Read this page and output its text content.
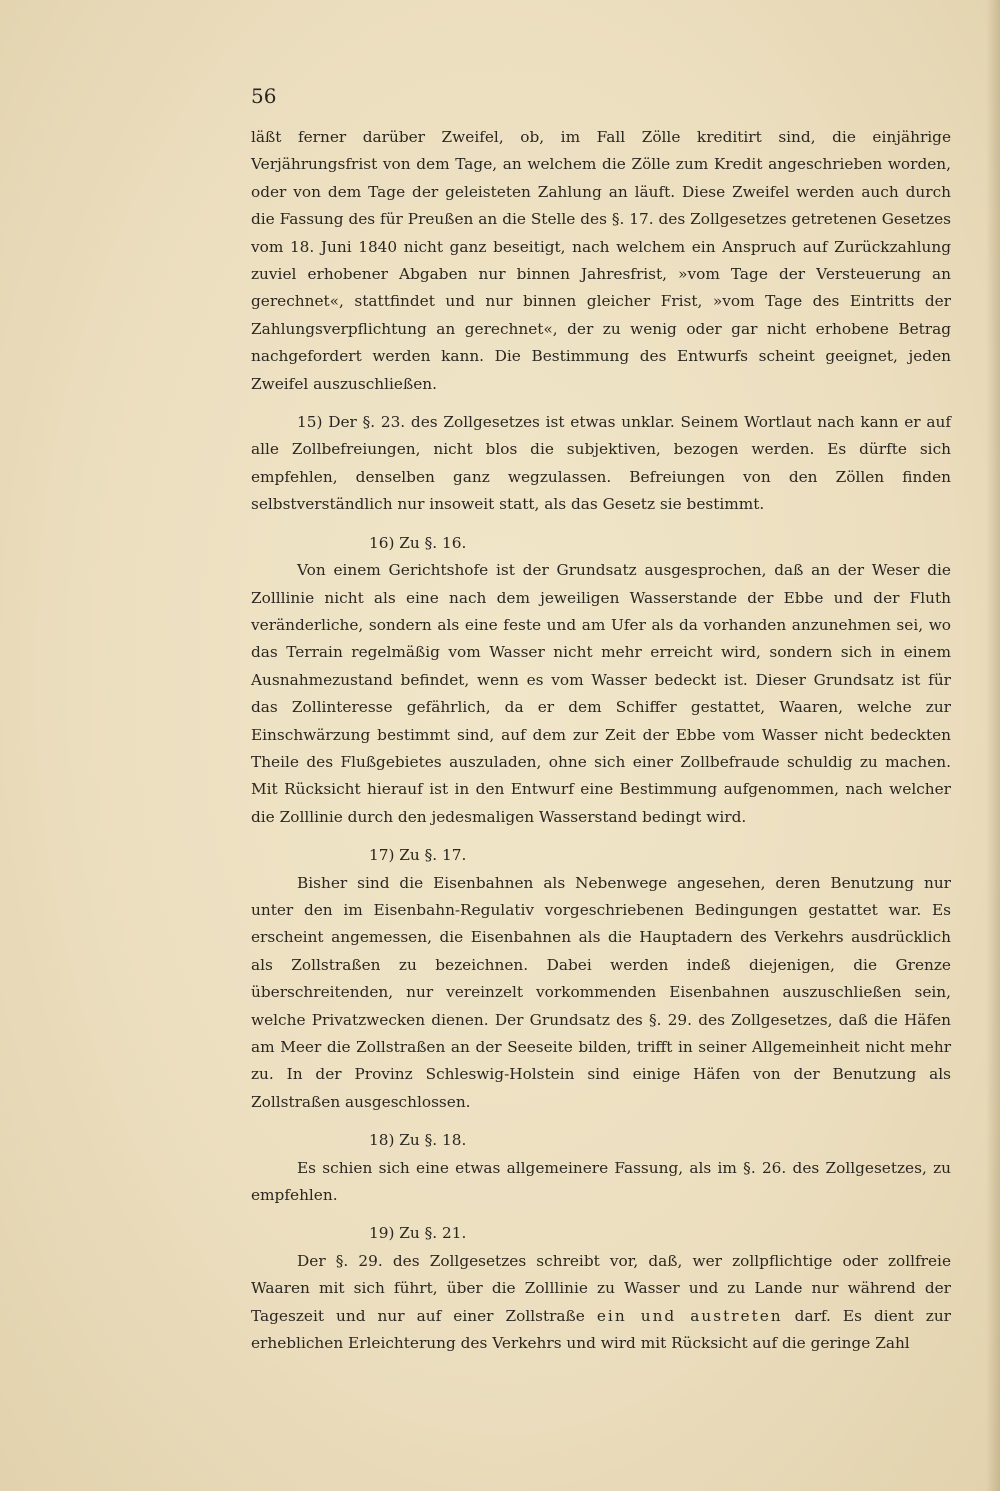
56

läßt ferner darüber Zweifel, ob, im Fall Zölle kreditirt sind, die einjährige Verjährungsfrist von dem Tage, an welchem die Zölle zum Kredit angeschrieben worden, oder von dem Tage der geleisteten Zahlung an läuft. Diese Zweifel werden auch durch die Fassung des für Preußen an die Stelle des §. 17. des Zollgesetzes getretenen Gesetzes vom 18. Juni 1840 nicht ganz beseitigt, nach welchem ein Anspruch auf Zurückzahlung zuviel erhobener Abgaben nur binnen Jahresfrist, »vom Tage der Versteuerung an gerechnet«, stattfindet und nur binnen gleicher Frist, »vom Tage des Eintritts der Zahlungsverpflichtung an gerechnet«, der zu wenig oder gar nicht erhobene Betrag nachgefordert werden kann. Die Bestimmung des Entwurfs scheint geeignet, jeden Zweifel auszuschließen.

15) Der §. 23. des Zollgesetzes ist etwas unklar. Seinem Wortlaut nach kann er auf alle Zollbefreiungen, nicht blos die subjektiven, bezogen werden. Es dürfte sich empfehlen, denselben ganz wegzulassen. Befreiungen von den Zöllen finden selbstverständlich nur insoweit statt, als das Gesetz sie bestimmt.

16) Zu §. 16.

Von einem Gerichtshofe ist der Grundsatz ausgesprochen, daß an der Weser die Zolllinie nicht als eine nach dem jeweiligen Wasserstande der Ebbe und der Fluth veränderliche, sondern als eine feste und am Ufer als da vorhanden anzunehmen sei, wo das Terrain regelmäßig vom Wasser nicht mehr erreicht wird, sondern sich in einem Ausnahmezustand befindet, wenn es vom Wasser bedeckt ist. Dieser Grundsatz ist für das Zollinteresse gefährlich, da er dem Schiffer gestattet, Waaren, welche zur Einschwärzung bestimmt sind, auf dem zur Zeit der Ebbe vom Wasser nicht bedeckten Theile des Flußgebietes auszuladen, ohne sich einer Zollbefraude schuldig zu machen. Mit Rücksicht hierauf ist in den Entwurf eine Bestimmung aufgenommen, nach welcher die Zolllinie durch den jedesmaligen Wasserstand bedingt wird.

17) Zu §. 17.

Bisher sind die Eisenbahnen als Nebenwege angesehen, deren Benutzung nur unter den im Eisenbahn-Regulativ vorgeschriebenen Bedingungen gestattet war. Es erscheint angemessen, die Eisenbahnen als die Hauptadern des Verkehrs ausdrücklich als Zollstraßen zu bezeichnen. Dabei werden indeß diejenigen, die Grenze überschreitenden, nur vereinzelt vorkommenden Eisenbahnen auszuschließen sein, welche Privatzwecken dienen. Der Grundsatz des §. 29. des Zollgesetzes, daß die Häfen am Meer die Zollstraßen an der Seeseite bilden, trifft in seiner Allgemeinheit nicht mehr zu. In der Provinz Schleswig-Holstein sind einige Häfen von der Benutzung als Zollstraßen ausgeschlossen.

18) Zu §. 18.

Es schien sich eine etwas allgemeinere Fassung, als im §. 26. des Zollgesetzes, zu empfehlen.

19) Zu §. 21.

Der §. 29. des Zollgesetzes schreibt vor, daß, wer zollpflichtige oder zollfreie Waaren mit sich führt, über die Zolllinie zu Wasser und zu Lande nur während der Tageszeit und nur auf einer Zollstraße ein und austreten darf. Es dient zur erheblichen Erleichterung des Verkehrs und wird mit Rücksicht auf die geringe Zahl
